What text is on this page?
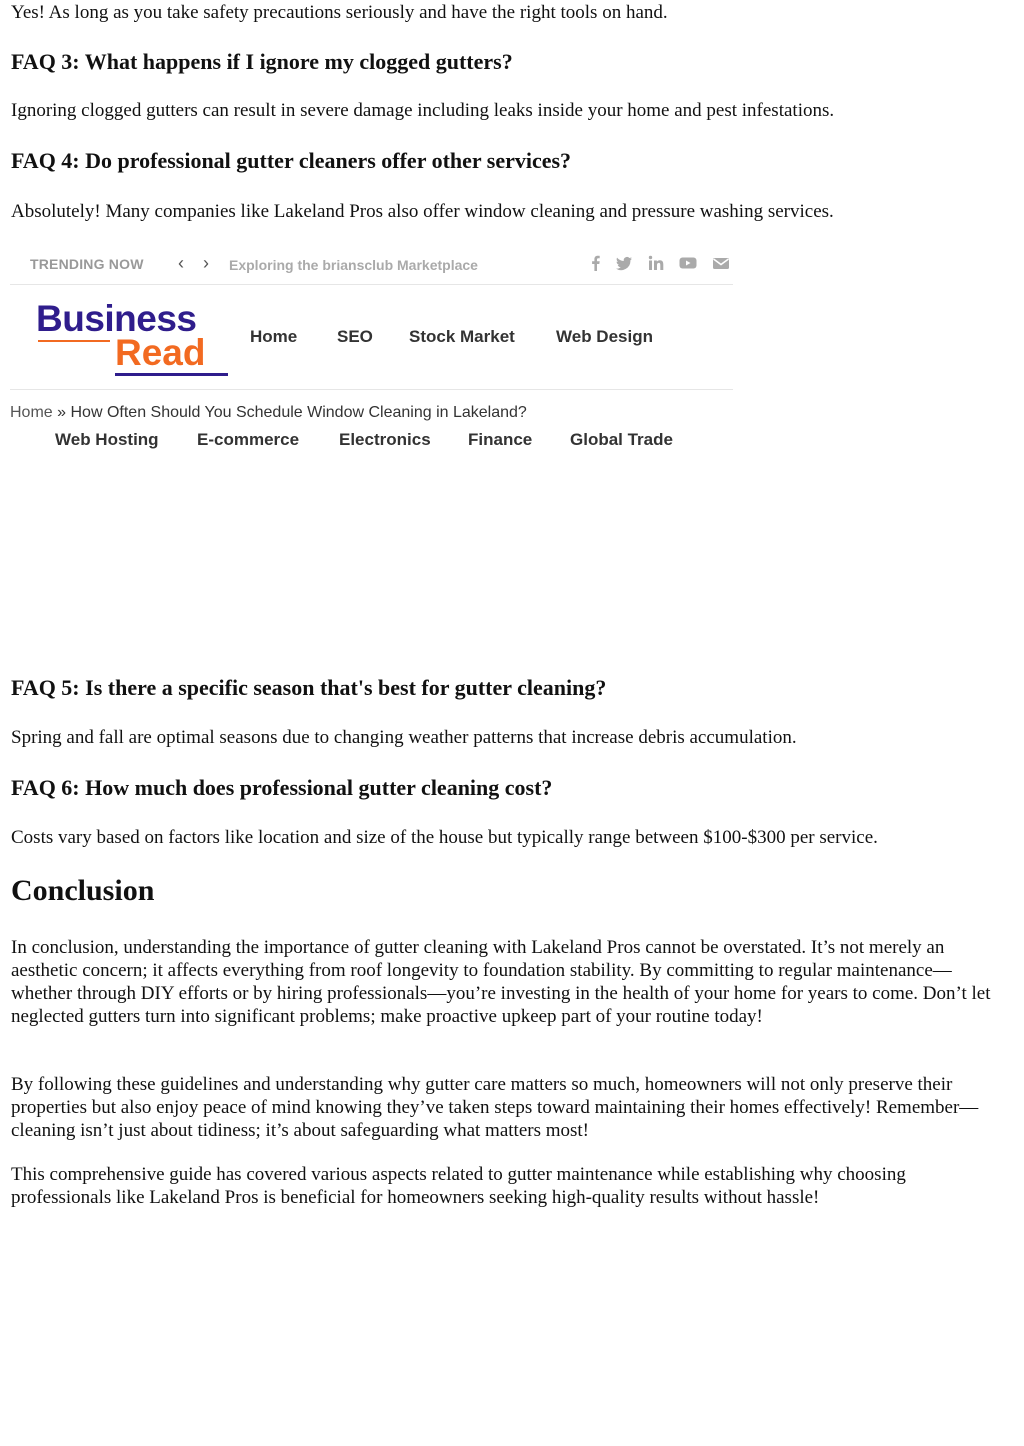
Yes! As long as you take safety precautions seriously and have the right tools on hand.

FAQ 3: What happens if I ignore my clogged gutters?

Ignoring clogged gutters can result in severe damage including leaks inside your home and pest infestations.

FAQ 4: Do professional gutter cleaners offer other services?

Absolutely! Many companies like Lakeland Pros also offer window cleaning and pressure washing services.

TRENDING NOW ‹ › Exploring the briansclub Marketplace
Business
Read	Home SEO Stock Market Web Design
Home » How Often Should You Schedule Window Cleaning in Lakeland?
Web Hosting E-commerce Electronics Finance Global Trade
FAQ 5: Is there a specific season that's best for gutter cleaning?

Spring and fall are optimal seasons due to changing weather patterns that increase debris accumulation.

FAQ 6: How much does professional gutter cleaning cost?

Costs vary based on factors like location and size of the house but typically range between $100-$300 per service.

Conclusion

In conclusion, understanding the importance of gutter cleaning with Lakeland Pros cannot be overstated. It’s not merely an aesthetic concern; it affects everything from roof longevity to foundation stability. By committing to regular maintenance—whether through DIY efforts or by hiring professionals—you’re investing in the health of your home for years to come. Don’t let neglected gutters turn into significant problems; make proactive upkeep part of your routine today!

By following these guidelines and understanding why gutter care matters so much, homeowners will not only preserve their properties but also enjoy peace of mind knowing they’ve taken steps toward maintaining their homes effectively! Remember—cleaning isn’t just about tidiness; it’s about safeguarding what matters most!

This comprehensive guide has covered various aspects related to gutter maintenance while establishing why choosing professionals like Lakeland Pros is beneficial for homeowners seeking high-quality results without hassle!
